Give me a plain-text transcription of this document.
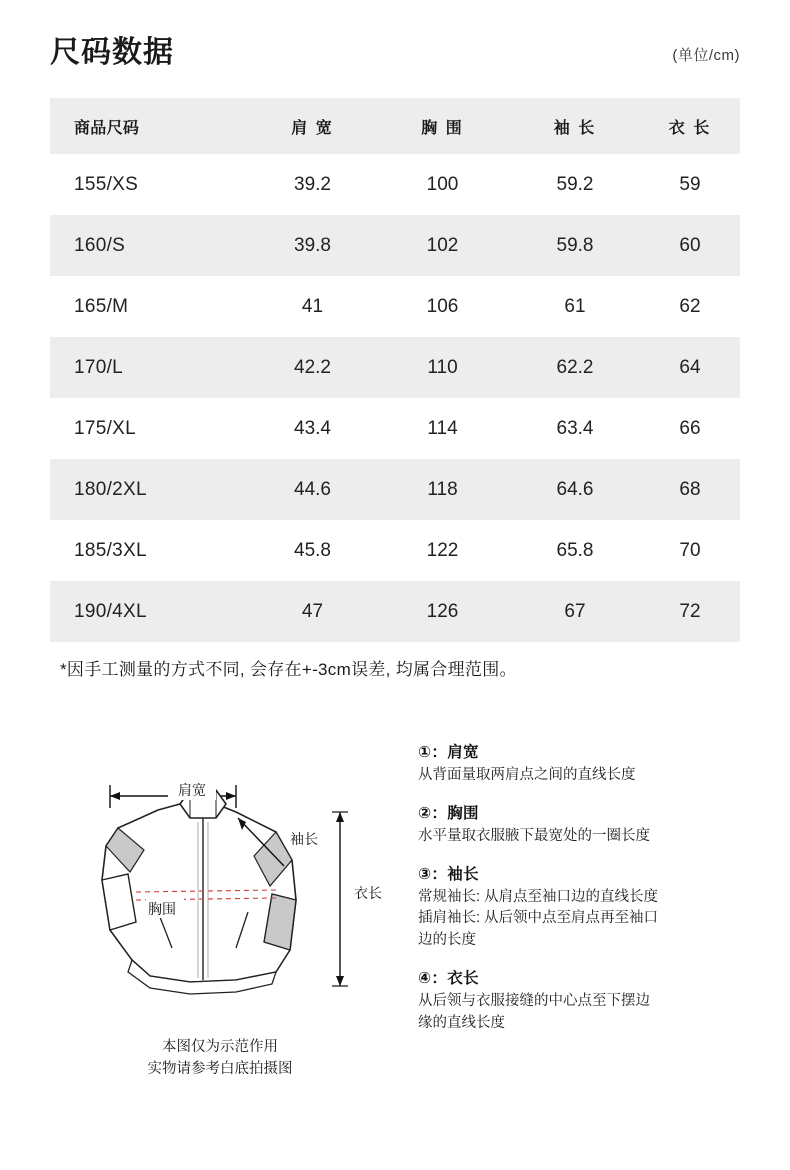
尺码数据	(单位/cm)
商品尺码	肩 宽	胸 围	袖 长	衣 长
155/XS	39.2	100	59.2	59
160/S	39.8	102	59.8	60
165/M	41	106	61	62
170/L	42.2	110	62.2	64
175/XL	43.4	114	63.4	66
180/2XL	44.6	118	64.6	68
185/3XL	45.8	122	65.8	70
190/4XL	47	126	67	72
*因手工测量的方式不同, 会存在+-3cm误差, 均属合理范围。
肩宽
袖长
衣长
胸围
本图仅为示范作用
实物请参考白底拍摄图
①：肩宽
从背面量取两肩点之间的直线长度
②：胸围
水平量取衣服腋下最宽处的一圈长度
③：袖长
常规袖长: 从肩点至袖口边的直线长度
插肩袖长: 从后领中点至肩点再至袖口
边的长度
④：衣长
从后领与衣服接缝的中心点至下摆边
缘的直线长度
